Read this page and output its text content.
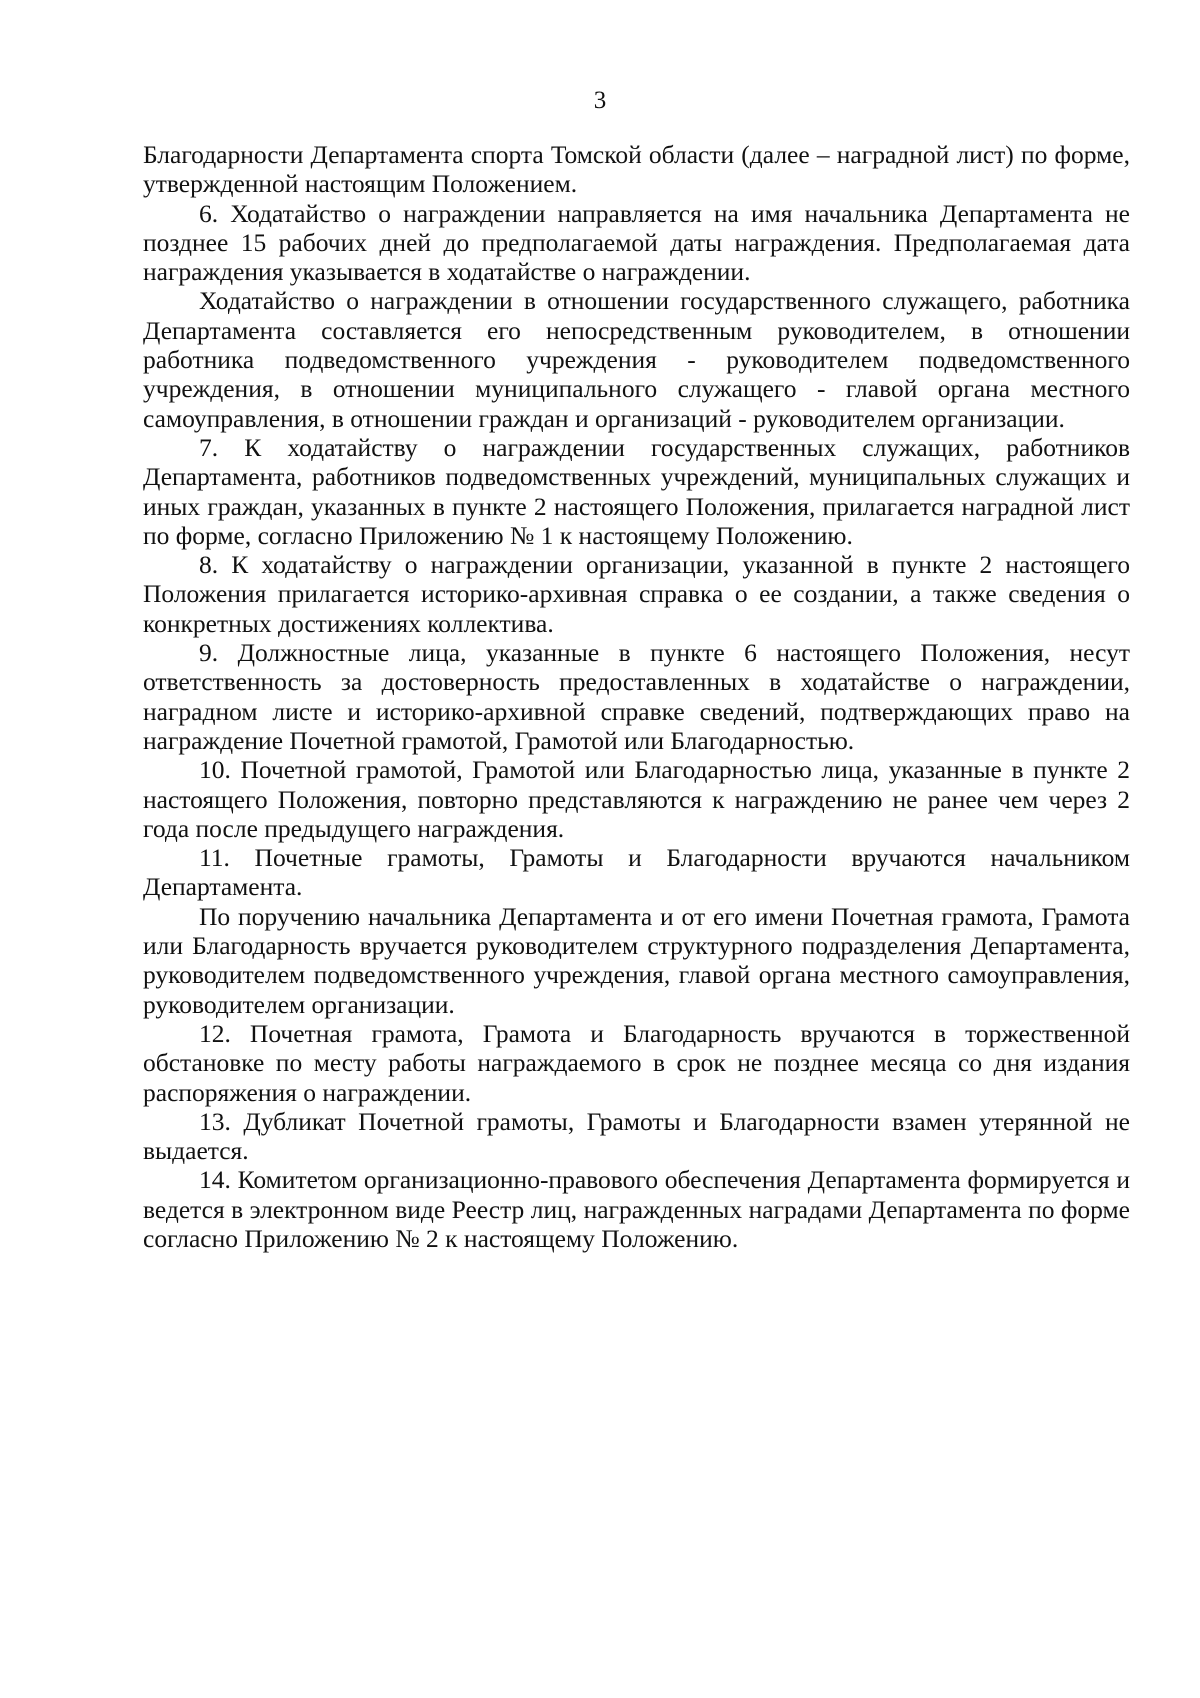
3

Благодарности Департамента спорта Томской области (далее – наградной лист) по форме, утвержденной настоящим Положением.

6. Ходатайство о награждении направляется на имя начальника Департамента не позднее 15 рабочих дней до предполагаемой даты награждения. Предполагаемая дата награждения указывается в ходатайстве о награждении.

Ходатайство о награждении в отношении государственного служащего, работника Департамента составляется его непосредственным руководителем, в отношении работника подведомственного учреждения - руководителем подведомственного учреждения, в отношении муниципального служащего - главой органа местного самоуправления, в отношении граждан и организаций - руководителем организации.

7. К ходатайству о награждении государственных служащих, работников Департамента, работников подведомственных учреждений, муниципальных служащих и иных граждан, указанных в пункте 2 настоящего Положения, прилагается наградной лист по форме, согласно Приложению № 1 к настоящему Положению.

8. К ходатайству о награждении организации, указанной в пункте 2 настоящего Положения прилагается историко-архивная справка о ее создании, а также сведения о конкретных достижениях коллектива.

9. Должностные лица, указанные в пункте 6 настоящего Положения, несут ответственность за достоверность предоставленных в ходатайстве о награждении, наградном листе и историко-архивной справке сведений, подтверждающих право на награждение Почетной грамотой, Грамотой или Благодарностью.

10. Почетной грамотой, Грамотой или Благодарностью лица, указанные в пункте 2 настоящего Положения, повторно представляются к награждению не ранее чем через 2 года после предыдущего награждения.

11. Почетные грамоты, Грамоты и Благодарности вручаются начальником Департамента.

По поручению начальника Департамента и от его имени Почетная грамота, Грамота или Благодарность вручается руководителем структурного подразделения Департамента, руководителем подведомственного учреждения, главой органа местного самоуправления, руководителем организации.

12. Почетная грамота, Грамота и Благодарность вручаются в торжественной обстановке по месту работы награждаемого в срок не позднее месяца со дня издания распоряжения о награждении.

13. Дубликат Почетной грамоты, Грамоты и Благодарности взамен утерянной не выдается.

14. Комитетом организационно-правового обеспечения Департамента формируется и ведется в электронном виде Реестр лиц, награжденных наградами Департамента по форме согласно Приложению № 2 к настоящему Положению.
